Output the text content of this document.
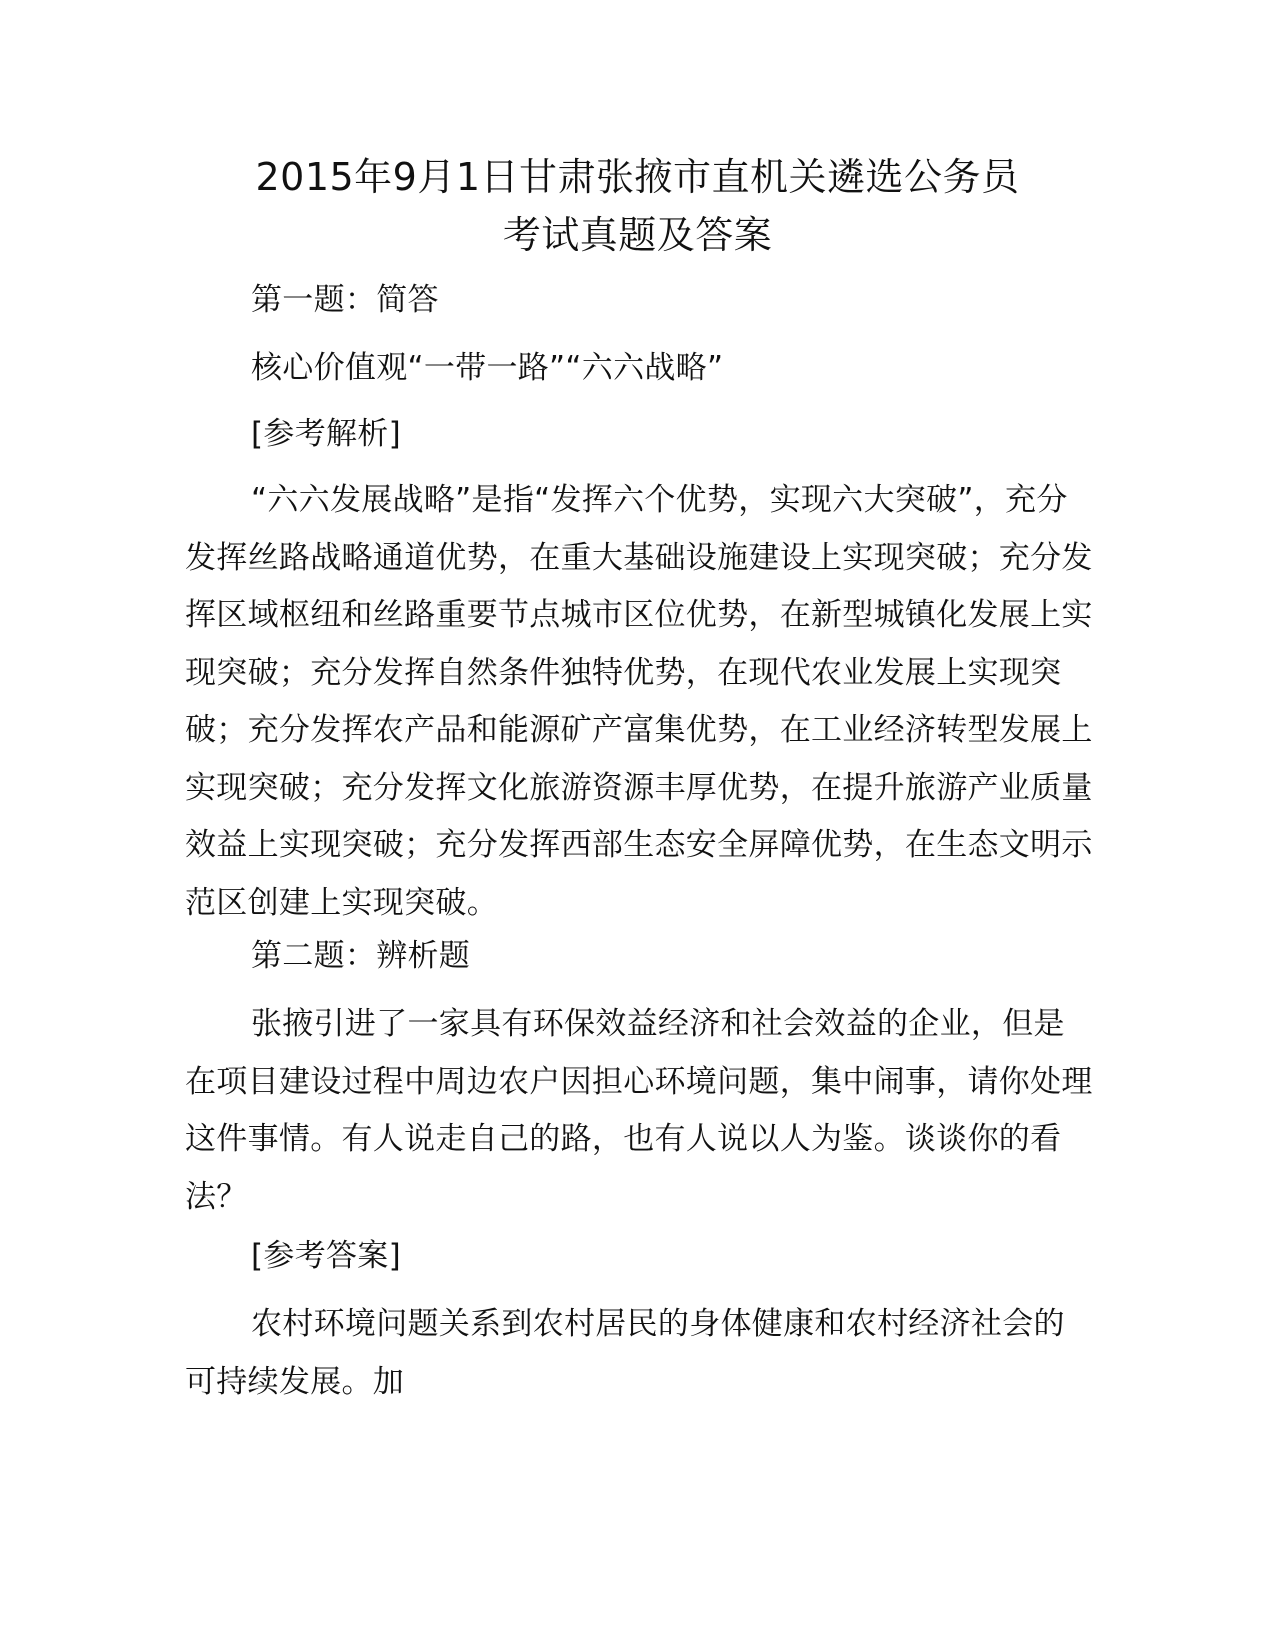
2015年9月1日甘肃张掖市直机关遴选公务员
考试真题及答案

第一题：简答

核心价值观“一带一路”“六六战略”

[参考解析]

“六六发展战略”是指“发挥六个优势，实现六大突破”，充分发挥丝路战略通道优势，在重大基础设施建设上实现突破；充分发挥区域枢纽和丝路重要节点城市区位优势，在新型城镇化发展上实现突破；充分发挥自然条件独特优势，在现代农业发展上实现突破；充分发挥农产品和能源矿产富集优势，在工业经济转型发展上实现突破；充分发挥文化旅游资源丰厚优势，在提升旅游产业质量效益上实现突破；充分发挥西部生态安全屏障优势，在生态文明示范区创建上实现突破。

第二题：辨析题

张掖引进了一家具有环保效益经济和社会效益的企业，但是在项目建设过程中周边农户因担心环境问题，集中闹事，请你处理这件事情。有人说走自己的路，也有人说以人为鉴。谈谈你的看法？

[参考答案]

农村环境问题关系到农村居民的身体健康和农村经济社会的可持续发展。加
